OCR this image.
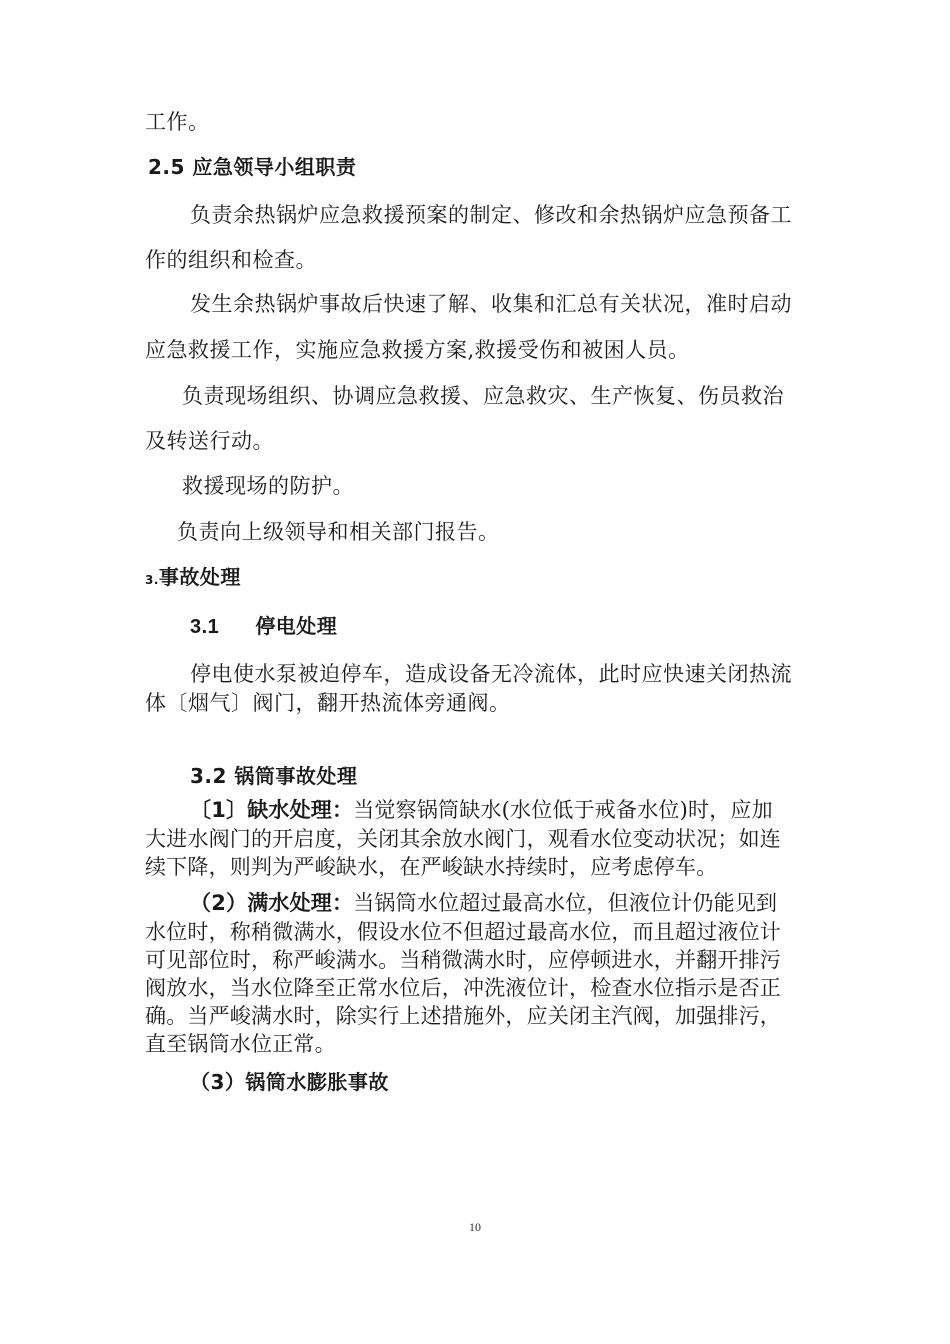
工作。
2.5 应急领导小组职责
负责余热锅炉应急救援预案的制定、修改和余热锅炉应急预备工
作的组织和检查。
发生余热锅炉事故后快速了解、收集和汇总有关状况，准时启动
应急救援工作，实施应急救援方案,救援受伤和被困人员。
负责现场组织、协调应急救援、应急救灾、生产恢复、伤员救治
及转送行动。
救援现场的防护。
负责向上级领导和相关部门报告。
3.事故处理
3.1 停电处理
停电使水泵被迫停车，造成设备无冷流体，此时应快速关闭热流
体〔烟气〕阀门，翻开热流体旁通阀。
3.2 锅筒事故处理
〔1〕缺水处理：当觉察锅筒缺水(水位低于戒备水位)时，应加
大进水阀门的开启度，关闭其余放水阀门，观看水位变动状况；如连
续下降，则判为严峻缺水，在严峻缺水持续时，应考虑停车。
（2）满水处理：当锅筒水位超过最高水位，但液位计仍能见到
水位时，称稍微满水，假设水位不但超过最高水位，而且超过液位计
可见部位时，称严峻满水。当稍微满水时，应停顿进水，并翻开排污
阀放水，当水位降至正常水位后，冲洗液位计，检查水位指示是否正
确。当严峻满水时，除实行上述措施外，应关闭主汽阀，加强排污，
直至锅筒水位正常。
（3）锅筒水膨胀事故
10
